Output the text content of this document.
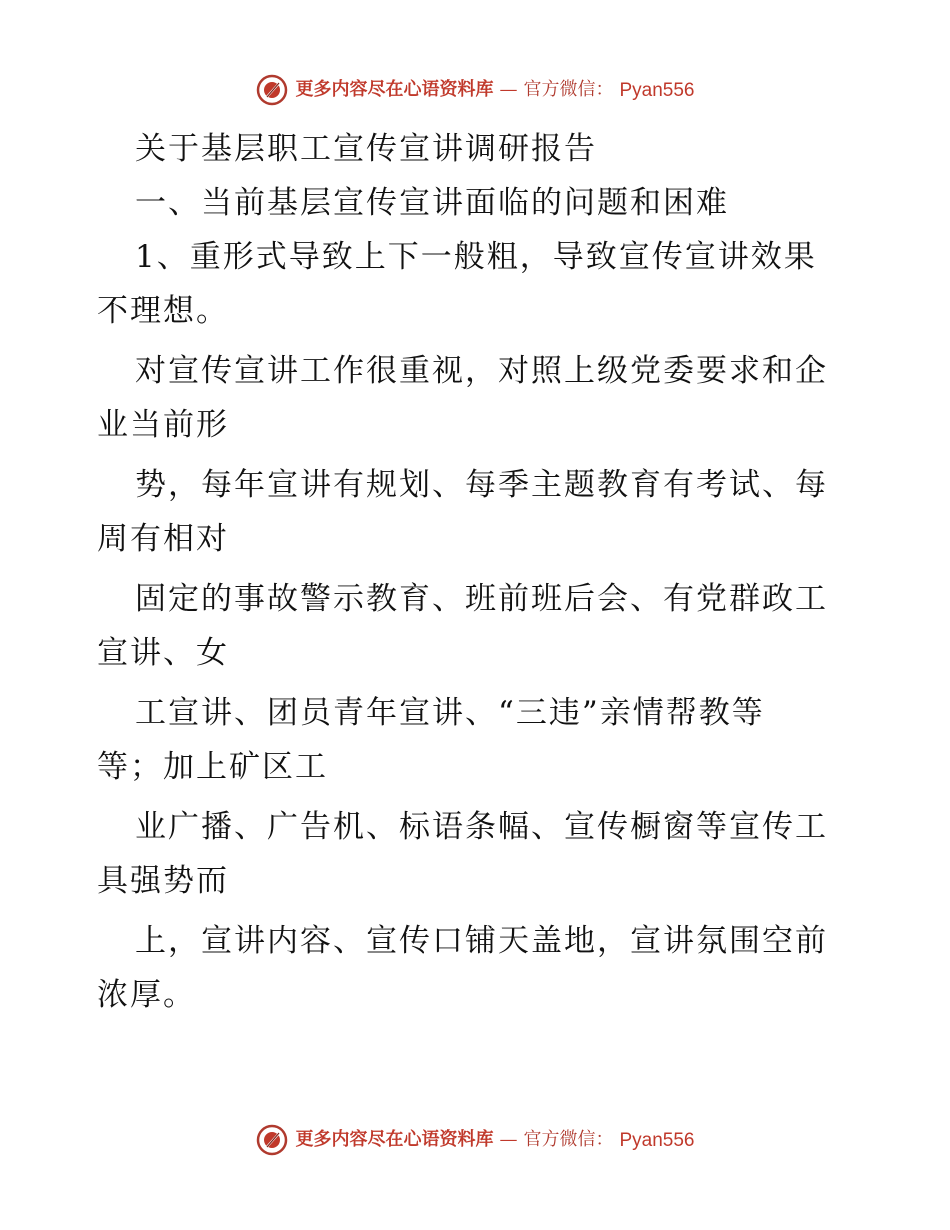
更多内容尽在心语资料库 — 官方微信： Pyan556

关于基层职工宣传宣讲调研报告

一、当前基层宣传宣讲面临的问题和困难

1、重形式导致上下一般粗，导致宣传宣讲效果

不理想。

对宣传宣讲工作很重视，对照上级党委要求和企

业当前形

势，每年宣讲有规划、每季主题教育有考试、每

周有相对

固定的事故警示教育、班前班后会、有党群政工

宣讲、女

工宣讲、团员青年宣讲、“三违”亲情帮教等

等；加上矿区工

业广播、广告机、标语条幅、宣传橱窗等宣传工

具强势而

上，宣讲内容、宣传口铺天盖地，宣讲氛围空前

浓厚。

更多内容尽在心语资料库 — 官方微信： Pyan556
